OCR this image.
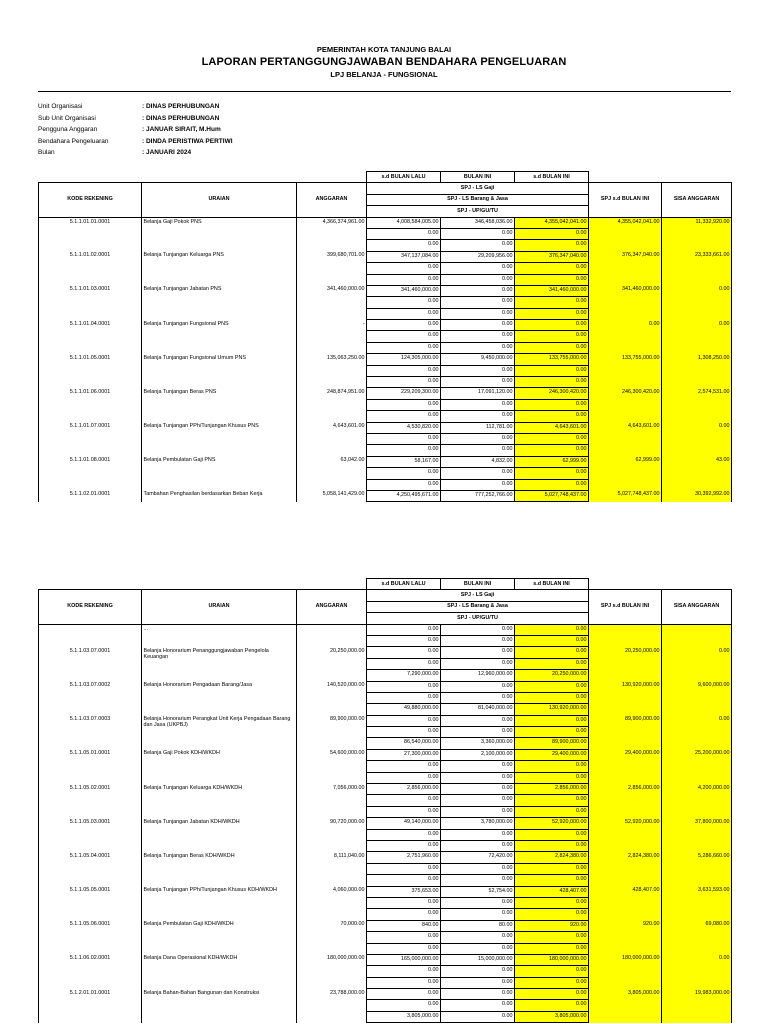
PEMERINTAH KOTA TANJUNG BALAI
LAPORAN PERTANGGUNGJAWABAN BENDAHARA PENGELUARAN
LPJ BELANJA - FUNGSIONAL
Unit Organisasi	: DINAS PERHUBUNGAN
Sub Unit Organisasi	: DINAS PERHUBUNGAN
Pengguna Anggaran	: JANUAR SIRAIT, M.Hum
Bendahara Pengeluaran	: DINDA PERISTIWA PERTIWI
Bulan	: JANUARI 2024
			s.d BULAN LALU	BULAN INI	s.d BULAN INI		
KODE REKENING	URAIAN	ANGGARAN	SPJ - LS Gaji			SPJ s.d BULAN INI	SISA ANGGARAN
			SPJ - LS Barang & Jasa				
			SPJ - UP/GU/TU				
5.1.1.01.01.0001	Belanja Gaji Pokok PNS	4,366,374,961.00	4,008,584,005.00	346,458,036.00	4,355,042,041.00	4,355,042,041.00	11,332,920.00
			0.00	0.00	0.00		
			0.00	0.00	0.00		
5.1.1.01.02.0001	Belanja Tunjangan Keluarga PNS	399,680,701.00	347,137,084.00	29,209,956.00	376,347,040.00	376,347,040.00	23,333,661.00
			0.00	0.00	0.00		
			0.00	0.00	0.00		
5.1.1.01.03.0001	Belanja Tunjangan Jabatan PNS	341,460,000.00	341,460,000.00	0.00	341,460,000.00	341,460,000.00	0.00
			0.00	0.00	0.00		
			0.00	0.00	0.00		
5.1.1.01.04.0001	Belanja Tunjangan Fungsional PNS	-	0.00	0.00	0.00	0.00	0.00
			0.00	0.00	0.00		
			0.00	0.00	0.00		
5.1.1.01.05.0001	Belanja Tunjangan Fungsional Umum PNS	135,063,250.00	124,305,000.00	9,450,000.00	133,755,000.00	133,755,000.00	1,308,250.00
			0.00	0.00	0.00		
			0.00	0.00	0.00		
5.1.1.01.06.0001	Belanja Tunjangan Beras PNS	248,874,951.00	229,209,300.00	17,091,120.00	246,300,420.00	246,300,420.00	2,574,531.00
			0.00	0.00	0.00		
			0.00	0.00	0.00		
5.1.1.01.07.0001	Belanja Tunjangan PPh/Tunjangan Khusus PNS	4,643,601.00	4,530,820.00	112,781.00	4,643,601.00	4,643,601.00	0.00
			0.00	0.00	0.00		
			0.00	0.00	0.00		
5.1.1.01.08.0001	Belanja Pembulatan Gaji PNS	63,042.00	58,167.00	4,832.00	62,999.00	62,999.00	43.00
			0.00	0.00	0.00		
			0.00	0.00	0.00		
5.1.1.02.01.0001	Tambahan Penghasilan berdasarkan Beban Kerja	5,058,141,429.00	4,250,495,671.00	777,252,766.00	5,027,748,437.00	5,027,748,437.00	30,392,992.00
			s.d BULAN LALU	BULAN INI	s.d BULAN INI		
KODE REKENING	URAIAN	ANGGARAN	SPJ - LS Gaji			SPJ s.d BULAN INI	SISA ANGGARAN
			SPJ - LS Barang & Jasa				
			SPJ - UP/GU/TU				
	...		0.00	0.00	0.00		
			0.00	0.00	0.00		
5.1.1.03.07.0001	Belanja Honorarium Penanggungjawaban Pengelola Keuangan	20,250,000.00	0.00	0.00	0.00	20,250,000.00	0.00
			0.00	0.00	0.00		
			7,290,000.00	12,960,000.00	20,250,000.00		
5.1.1.03.07.0002	Belanja Honorarium Pengadaan Barang/Jasa	140,520,000.00	0.00	0.00	0.00	130,920,000.00	9,600,000.00
			0.00	0.00	0.00		
			49,880,000.00	81,040,000.00	130,920,000.00		
5.1.1.03.07.0003	Belanja Honorarium Perangkat Unit Kerja Pengadaan Barang dan Jasa (UKPBJ)	89,900,000.00	0.00	0.00	0.00	89,900,000.00	0.00
			0.00	0.00	0.00		
			86,540,000.00	3,360,000.00	89,900,000.00		
5.1.1.05.01.0001	Belanja Gaji Pokok KDH/WKDH	54,600,000.00	27,300,000.00	2,100,000.00	29,400,000.00	29,400,000.00	25,200,000.00
			0.00	0.00	0.00		
			0.00	0.00	0.00		
5.1.1.05.02.0001	Belanja Tunjangan Keluarga KDH/WKDH	7,056,000.00	2,856,000.00	0.00	2,856,000.00	2,856,000.00	4,200,000.00
			0.00	0.00	0.00		
			0.00	0.00	0.00		
5.1.1.05.03.0001	Belanja Tunjangan Jabatan KDH/WKDH	90,720,000.00	49,140,000.00	3,780,000.00	52,920,000.00	52,920,000.00	37,800,000.00
			0.00	0.00	0.00		
			0.00	0.00	0.00		
5.1.1.05.04.0001	Belanja Tunjangan Beras KDH/WKDH	8,111,040.00	2,751,960.00	72,420.00	2,824,380.00	2,824,380.00	5,286,660.00
			0.00	0.00	0.00		
			0.00	0.00	0.00		
5.1.1.05.05.0001	Belanja Tunjangan PPh/Tunjangan Khusus KDH/WKDH	4,060,000.00	375,653.00	52,754.00	428,407.00	428,407.00	3,631,593.00
			0.00	0.00	0.00		
			0.00	0.00	0.00		
5.1.1.05.06.0001	Belanja Pembulatan Gaji KDH/WKDH	70,000.00	840.00	80.00	920.00	920.00	69,080.00
			0.00	0.00	0.00		
			0.00	0.00	0.00		
5.1.1.06.02.0001	Belanja Dana Operasional KDH/WKDH	180,000,000.00	165,000,000.00	15,000,000.00	180,000,000.00	180,000,000.00	0.00
			0.00	0.00	0.00		
			0.00	0.00	0.00		
5.1.2.01.01.0001	Belanja Bahan-Bahan Bangunan dan Konstruksi	23,788,000.00	0.00	0.00	0.00	3,805,000.00	19,983,000.00
			0.00	0.00	0.00		
			3,805,000.00	0.00	3,805,000.00		
